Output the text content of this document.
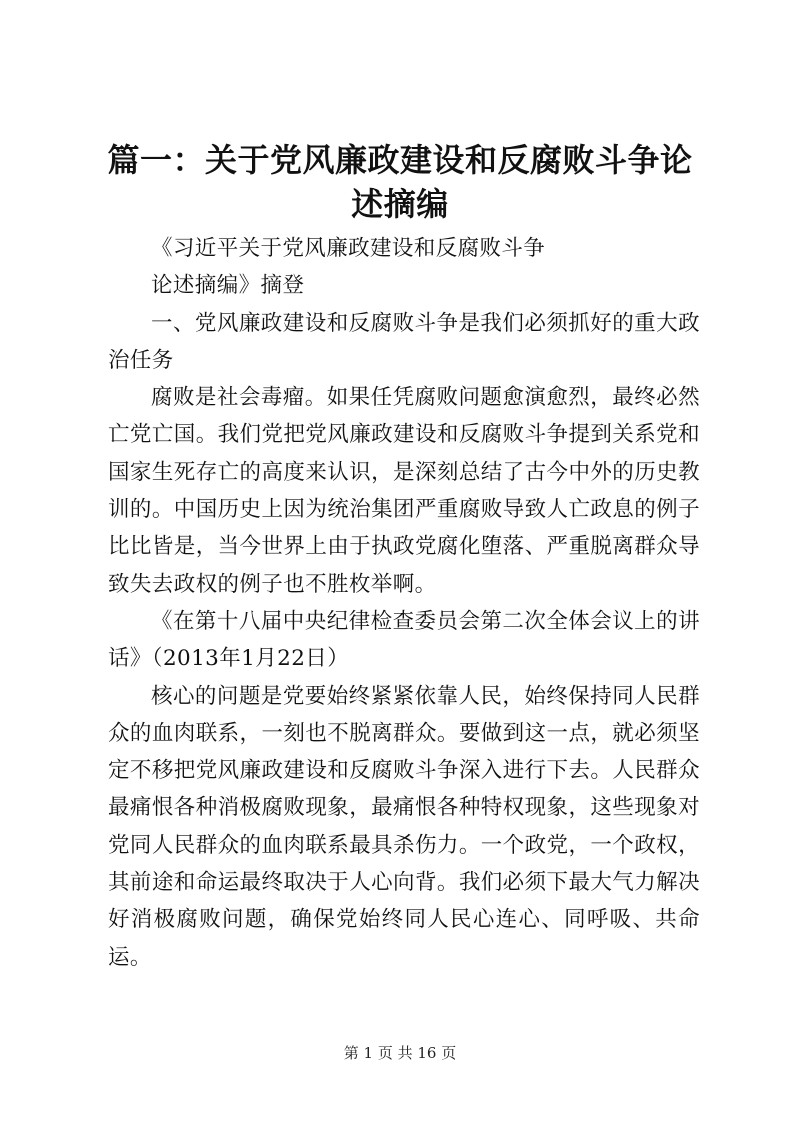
篇一：关于党风廉政建设和反腐败斗争论述摘编

《习近平关于党风廉政建设和反腐败斗争

论述摘编》摘登

一、党风廉政建设和反腐败斗争是我们必须抓好的重大政治任务

腐败是社会毒瘤。如果任凭腐败问题愈演愈烈，最终必然亡党亡国。我们党把党风廉政建设和反腐败斗争提到关系党和国家生死存亡的高度来认识，是深刻总结了古今中外的历史教训的。中国历史上因为统治集团严重腐败导致人亡政息的例子比比皆是，当今世界上由于执政党腐化堕落、严重脱离群众导致失去政权的例子也不胜枚举啊。

《在第十八届中央纪律检查委员会第二次全体会议上的讲话》（2013年1月22日）

核心的问题是党要始终紧紧依靠人民，始终保持同人民群众的血肉联系，一刻也不脱离群众。要做到这一点，就必须坚定不移把党风廉政建设和反腐败斗争深入进行下去。人民群众最痛恨各种消极腐败现象，最痛恨各种特权现象，这些现象对党同人民群众的血肉联系最具杀伤力。一个政党，一个政权，其前途和命运最终取决于人心向背。我们必须下最大气力解决好消极腐败问题，确保党始终同人民心连心、同呼吸、共命运。

第 1 页 共 16 页
